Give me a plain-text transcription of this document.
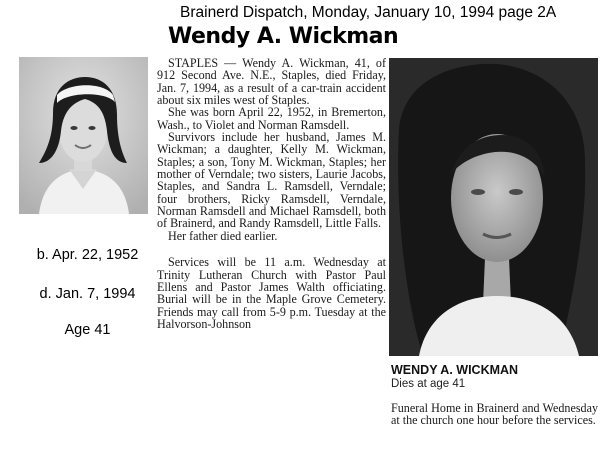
Brainerd Dispatch, Monday, January 10, 1994 page 2A
Wendy A. Wickman
b. Apr. 22, 1952
d. Jan. 7, 1994
Age 41

STAPLES — Wendy A. Wickman, 41, of 912 Second Ave. N.E., Staples, died Friday, Jan. 7, 1994, as a result of a car-train accident about six miles west of Staples.

She was born April 22, 1952, in Bremerton, Wash., to Violet and Norman Ramsdell.

Survivors include her husband, James M. Wickman; a daughter, Kelly M. Wickman, Staples; a son, Tony M. Wickman, Staples; her mother of Verndale; two sisters, Laurie Jacobs, Staples, and Sandra L. Ramsdell, Verndale; four brothers, Ricky Ramsdell, Verndale, Norman Ramsdell and Michael Ramsdell, both of Brainerd, and Randy Ramsdell, Little Falls.

Her father died earlier.

Services will be 11 a.m. Wednesday at Trinity Lutheran Church with Pastor Paul Ellens and Pastor James Walth officiating. Burial will be in the Maple Grove Cemetery. Friends may call from 5-9 p.m. Tuesday at the Halvorson-Johnson

WENDY A. WICKMAN
Dies at age 41

Funeral Home in Brainerd and Wednesday at the church one hour before the services.
